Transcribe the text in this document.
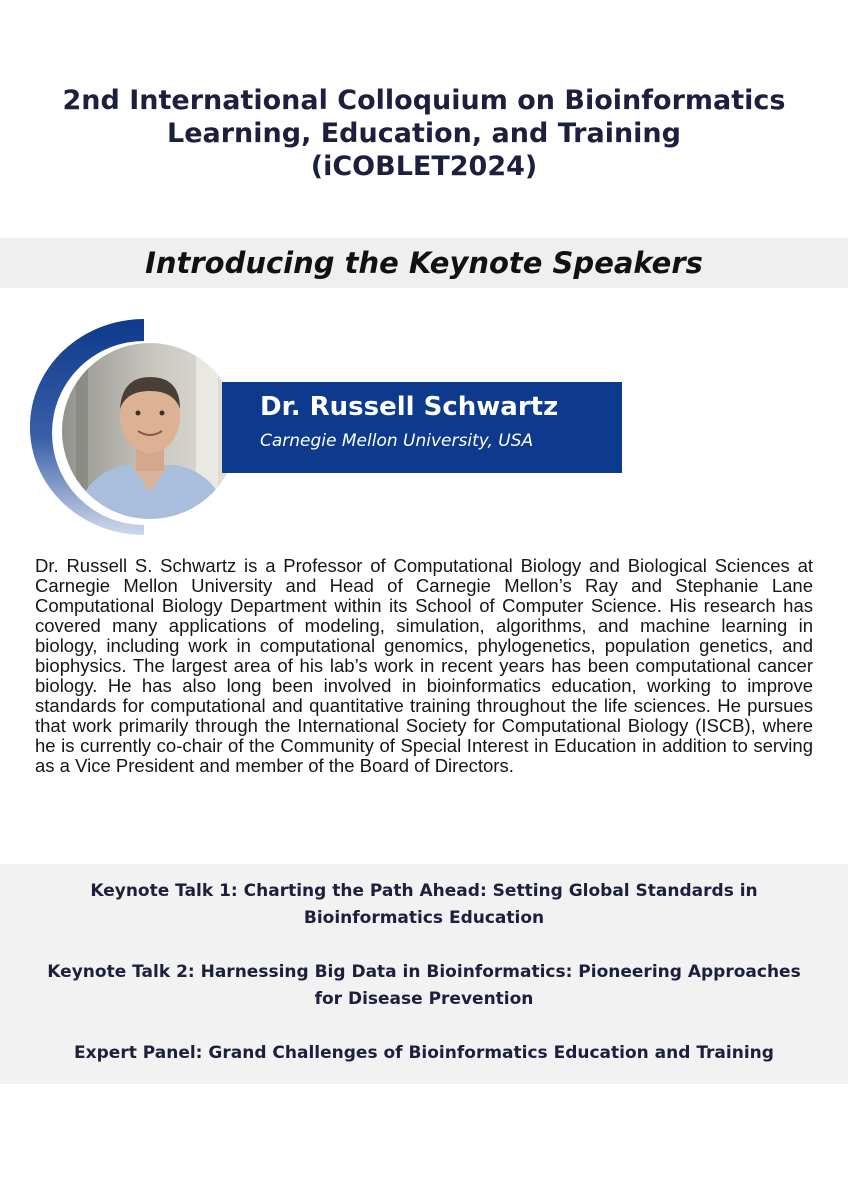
2nd International Colloquium on Bioinformatics
Learning, Education, and Training
(iCOBLET2024)
Introducing the Keynote Speakers
Dr. Russell Schwartz
Carnegie Mellon University, USA

Dr. Russell S. Schwartz is a Professor of Computational Biology and Biological Sciences at Carnegie Mellon University and Head of Carnegie Mellon’s Ray and Stephanie Lane Computational Biology Department within its School of Computer Science. His research has covered many applications of modeling, simulation, algorithms, and machine learning in biology, including work in computational genomics, phylogenetics, population genetics, and biophysics. The largest area of his lab’s work in recent years has been computational cancer biology. He has also long been involved in bioinformatics education, working to improve standards for computational and quantitative training throughout the life sciences. He pursues that work primarily through the International Society for Computational Biology (ISCB), where he is currently co-chair of the Community of Special Interest in Education in addition to serving as a Vice President and member of the Board of Directors.

Keynote Talk 1: Charting the Path Ahead: Setting Global Standards in Bioinformatics Education

Keynote Talk 2: Harnessing Big Data in Bioinformatics: Pioneering Approaches for Disease Prevention

Expert Panel: Grand Challenges of Bioinformatics Education and Training
